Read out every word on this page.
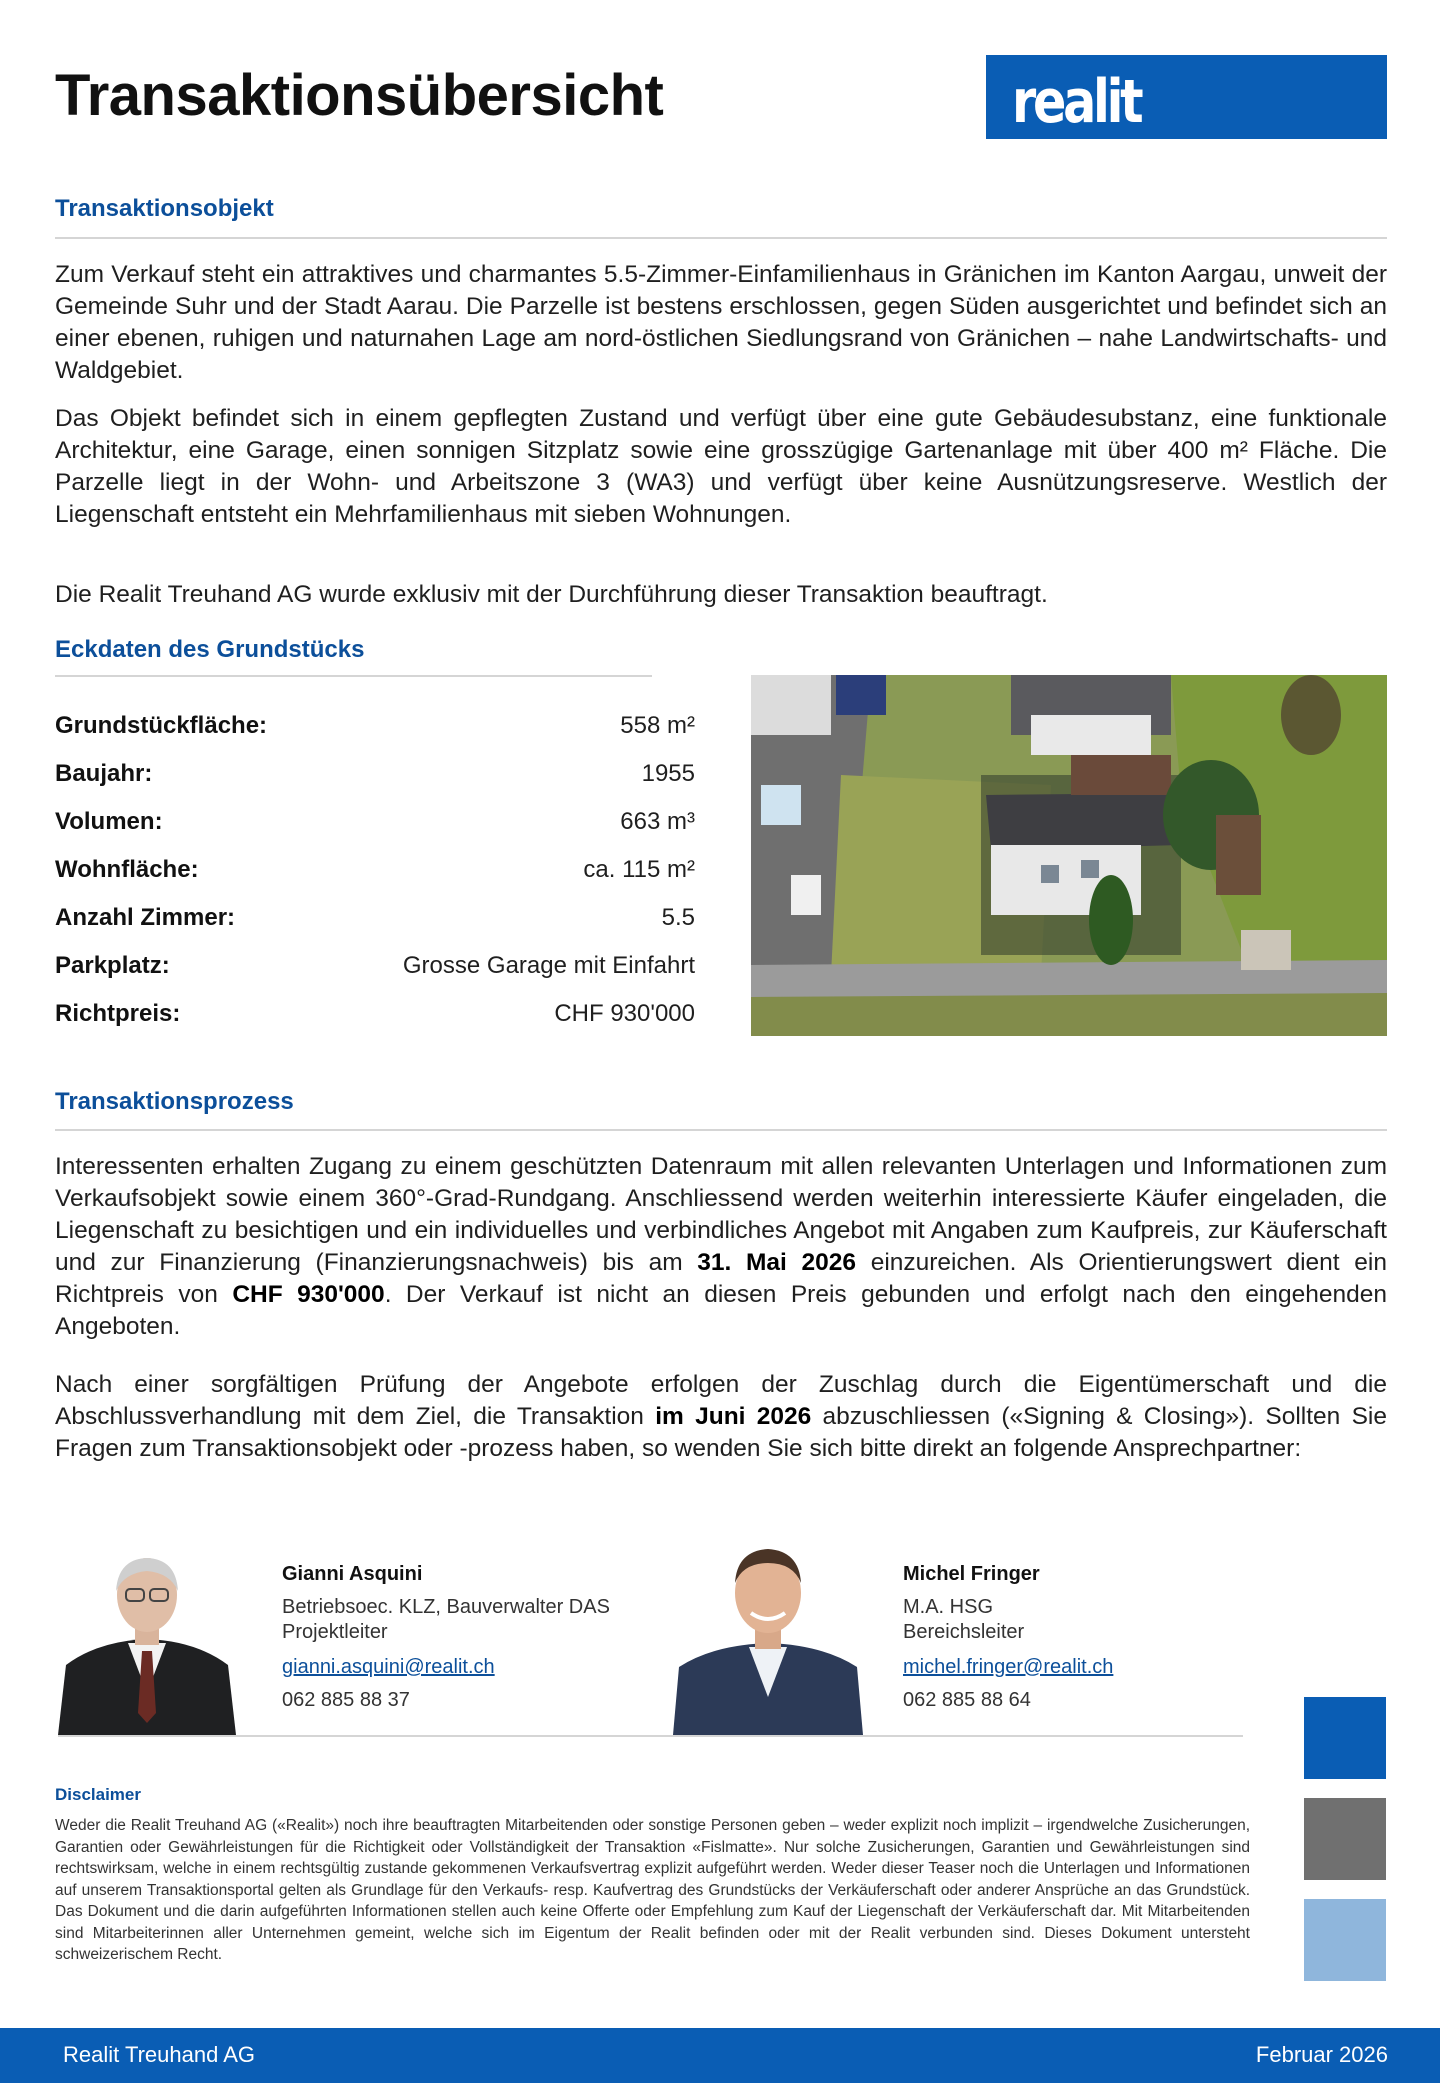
Transaktionsübersicht	realit
Transaktionsobjekt
Zum Verkauf steht ein attraktives und charmantes 5.5-Zimmer-Einfamilienhaus in Gränichen im Kanton Aargau, unweit der Gemeinde Suhr und der Stadt Aarau. Die Parzelle ist bestens erschlossen, gegen Süden ausgerichtet und befindet sich an einer ebenen, ruhigen und naturnahen Lage am nord-östlichen Siedlungsrand von Gränichen – nahe Landwirtschafts- und Waldgebiet.
Das Objekt befindet sich in einem gepflegten Zustand und verfügt über eine gute Gebäudesubstanz, eine funktionale Architektur, eine Garage, einen sonnigen Sitzplatz sowie eine grosszügige Gartenanlage mit über 400 m² Fläche. Die Parzelle liegt in der Wohn- und Arbeitszone 3 (WA3) und verfügt über keine Ausnützungsreserve. Westlich der Liegenschaft entsteht ein Mehrfamilienhaus mit sieben Wohnungen.
Die Realit Treuhand AG wurde exklusiv mit der Durchführung dieser Transaktion beauftragt.
Eckdaten des Grundstücks
Grundstückfläche:	558 m²
Baujahr:	1955
Volumen:	663 m³
Wohnfläche:	ca. 115 m²
Anzahl Zimmer:	5.5
Parkplatz:	Grosse Garage mit Einfahrt
Richtpreis:	CHF 930'000
Transaktionsprozess
Interessenten erhalten Zugang zu einem geschützten Datenraum mit allen relevanten Unterlagen und Informationen zum Verkaufsobjekt sowie einem 360°-Grad-Rundgang. Anschliessend werden weiterhin interessierte Käufer eingeladen, die Liegenschaft zu besichtigen und ein individuelles und verbindliches Angebot mit Angaben zum Kaufpreis, zur Käuferschaft und zur Finanzierung (Finanzierungsnachweis) bis am 31. Mai 2026 einzureichen. Als Orientierungswert dient ein Richtpreis von CHF 930'000. Der Verkauf ist nicht an diesen Preis gebunden und erfolgt nach den eingehenden Angeboten.
Nach einer sorgfältigen Prüfung der Angebote erfolgen der Zuschlag durch die Eigentümerschaft und die Abschlussverhandlung mit dem Ziel, die Transaktion im Juni 2026 abzuschliessen («Signing & Closing»). Sollten Sie Fragen zum Transaktionsobjekt oder -prozess haben, so wenden Sie sich bitte direkt an folgende Ansprechpartner:
Gianni Asquini
Betriebsoec. KLZ, Bauverwalter DAS
Projektleiter
gianni.asquini@realit.ch
062 885 88 37
Michel Fringer
M.A. HSG
Bereichsleiter
michel.fringer@realit.ch
062 885 88 64
Disclaimer
Weder die Realit Treuhand AG («Realit») noch ihre beauftragten Mitarbeitenden oder sonstige Personen geben – weder explizit noch implizit – irgendwelche Zusicherungen, Garantien oder Gewährleistungen für die Richtigkeit oder Vollständigkeit der Transaktion «Fislmatte». Nur solche Zusicherungen, Garantien und Gewährleistungen sind rechtswirksam, welche in einem rechtsgültig zustande gekommenen Verkaufsvertrag explizit aufgeführt werden. Weder dieser Teaser noch die Unterlagen und Informationen auf unserem Transaktionsportal gelten als Grundlage für den Verkaufs- resp. Kaufvertrag des Grundstücks der Verkäuferschaft oder anderer Ansprüche an das Grundstück. Das Dokument und die darin aufgeführten Informationen stellen auch keine Offerte oder Empfehlung zum Kauf der Liegenschaft der Verkäuferschaft dar. Mit Mitarbeitenden sind Mitarbeiterinnen aller Unternehmen gemeint, welche sich im Eigentum der Realit befinden oder mit der Realit verbunden sind. Dieses Dokument untersteht schweizerischem Recht.
Realit Treuhand AG	Februar 2026
